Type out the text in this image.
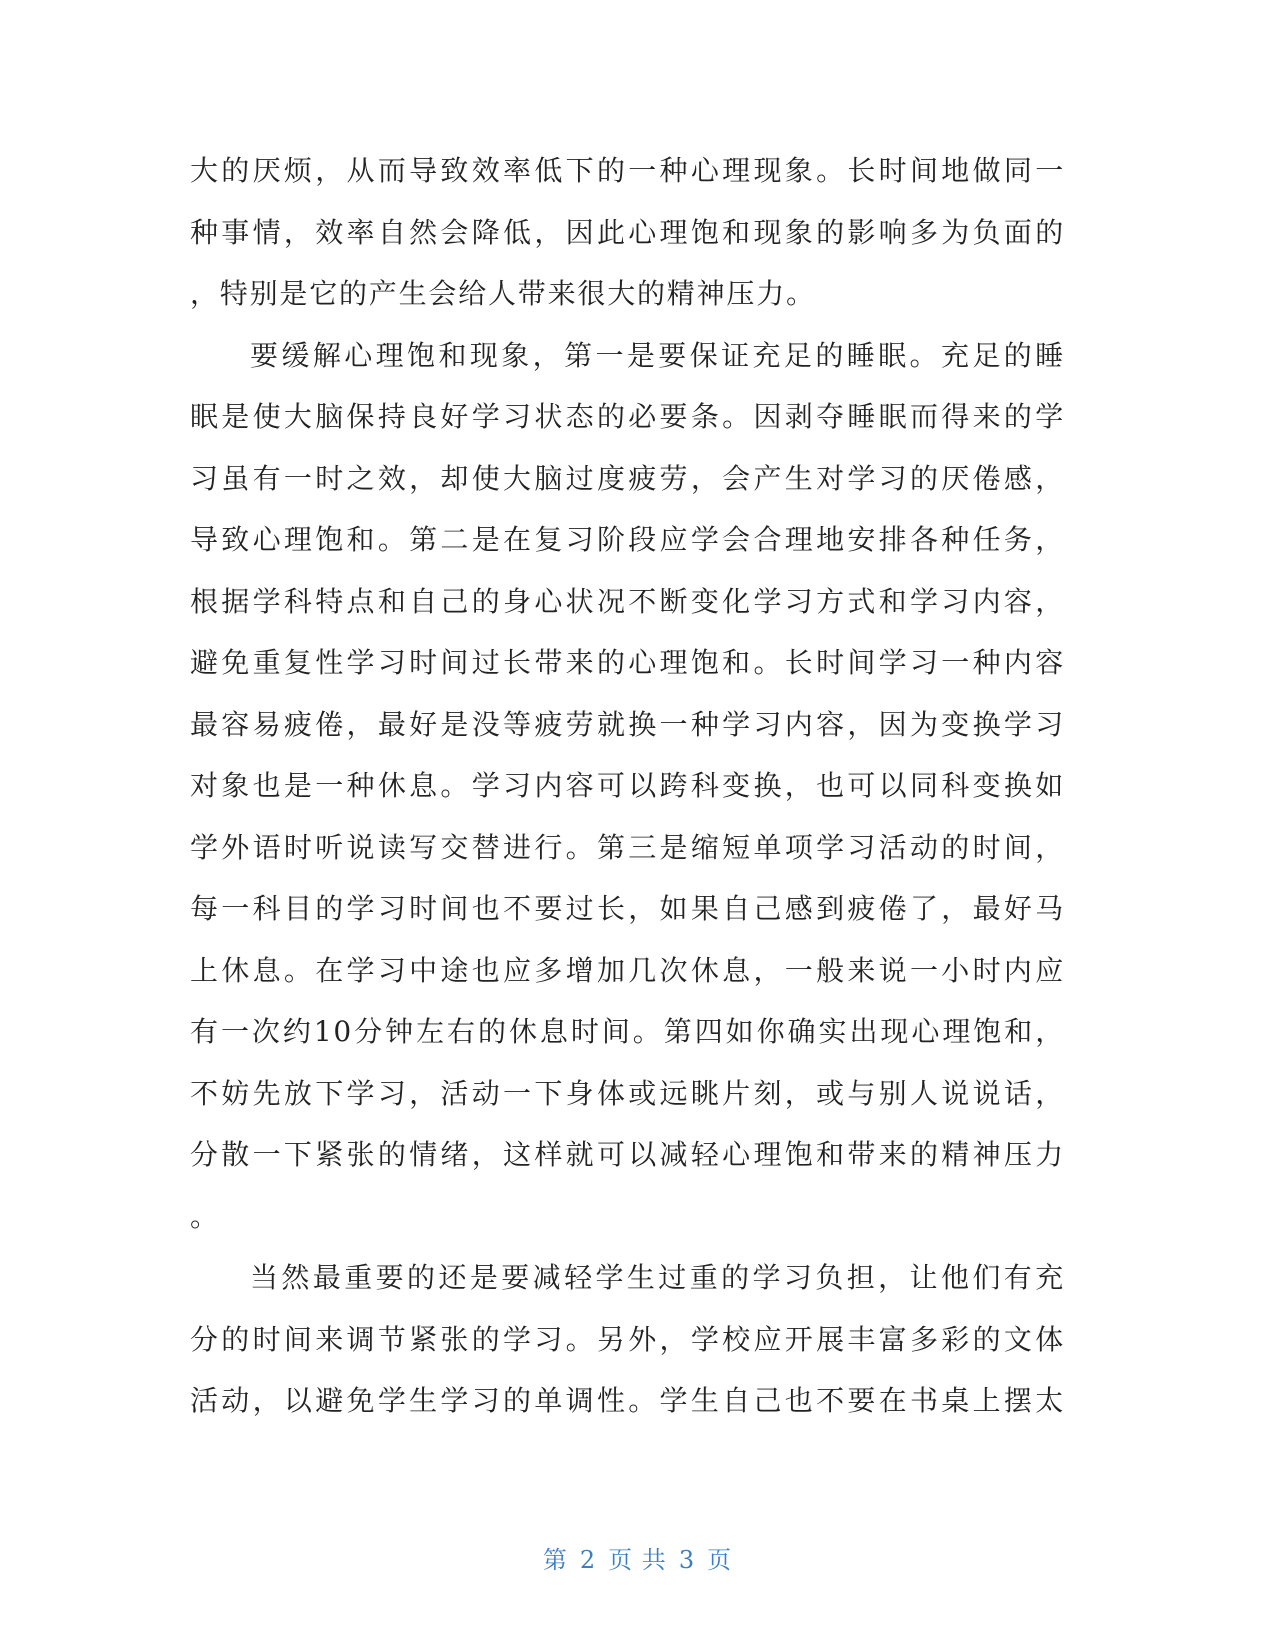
大的厌烦，从而导致效率低下的一种心理现象。长时间地做同一
种事情，效率自然会降低，因此心理饱和现象的影响多为负面的
，特别是它的产生会给人带来很大的精神压力。
要缓解心理饱和现象，第一是要保证充足的睡眠。充足的睡
眠是使大脑保持良好学习状态的必要条。因剥夺睡眠而得来的学
习虽有一时之效，却使大脑过度疲劳，会产生对学习的厌倦感，
导致心理饱和。第二是在复习阶段应学会合理地安排各种任务，
根据学科特点和自己的身心状况不断变化学习方式和学习内容，
避免重复性学习时间过长带来的心理饱和。长时间学习一种内容
最容易疲倦，最好是没等疲劳就换一种学习内容，因为变换学习
对象也是一种休息。学习内容可以跨科变换，也可以同科变换如
学外语时听说读写交替进行。第三是缩短单项学习活动的时间，
每一科目的学习时间也不要过长，如果自己感到疲倦了，最好马
上休息。在学习中途也应多增加几次休息，一般来说一小时内应
有一次约10分钟左右的休息时间。第四如你确实出现心理饱和，
不妨先放下学习，活动一下身体或远眺片刻，或与别人说说话，
分散一下紧张的情绪，这样就可以减轻心理饱和带来的精神压力
。
当然最重要的还是要减轻学生过重的学习负担，让他们有充
分的时间来调节紧张的学习。另外，学校应开展丰富多彩的文体
活动，以避免学生学习的单调性。学生自己也不要在书桌上摆太
第 2 页 共 3 页
